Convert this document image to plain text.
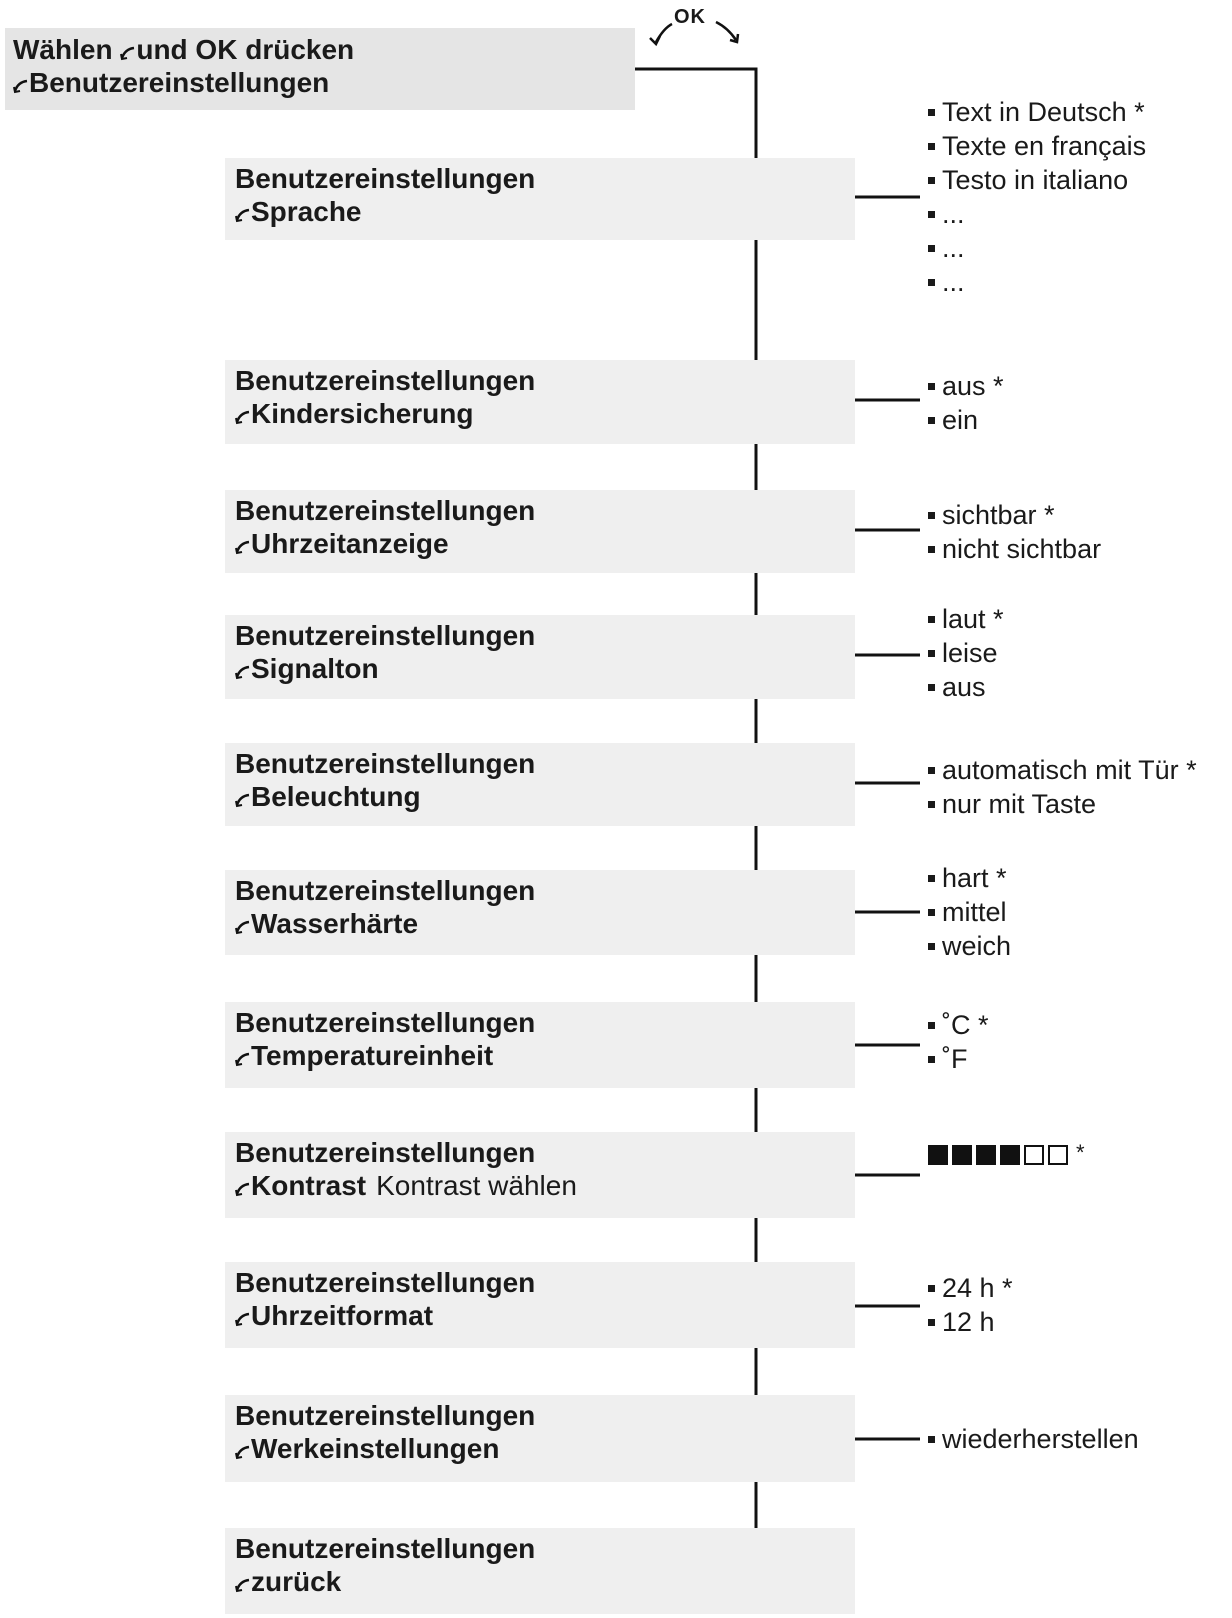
OK
Wählen und OK drücken
Benutzereinstellungen
Benutzereinstellungen
Sprache
Text in Deutsch *
Texte en français
Testo in italiano
...
...
...
Benutzereinstellungen
Kindersicherung
aus *
ein
Benutzereinstellungen
Uhrzeitanzeige
sichtbar *
nicht sichtbar
Benutzereinstellungen
Signalton
laut *
leise
aus
Benutzereinstellungen
Beleuchtung
automatisch mit Tür *
nur mit Taste
Benutzereinstellungen
Wasserhärte
hart *
mittel
weich
Benutzereinstellungen
Temperatureinheit
˚C *
˚F
Benutzereinstellungen
Kontrast Kontrast wählen
*
Benutzereinstellungen
Uhrzeitformat
24 h *
12 h
Benutzereinstellungen
Werkeinstellungen	wiederherstellen
Benutzereinstellungen
zurück
